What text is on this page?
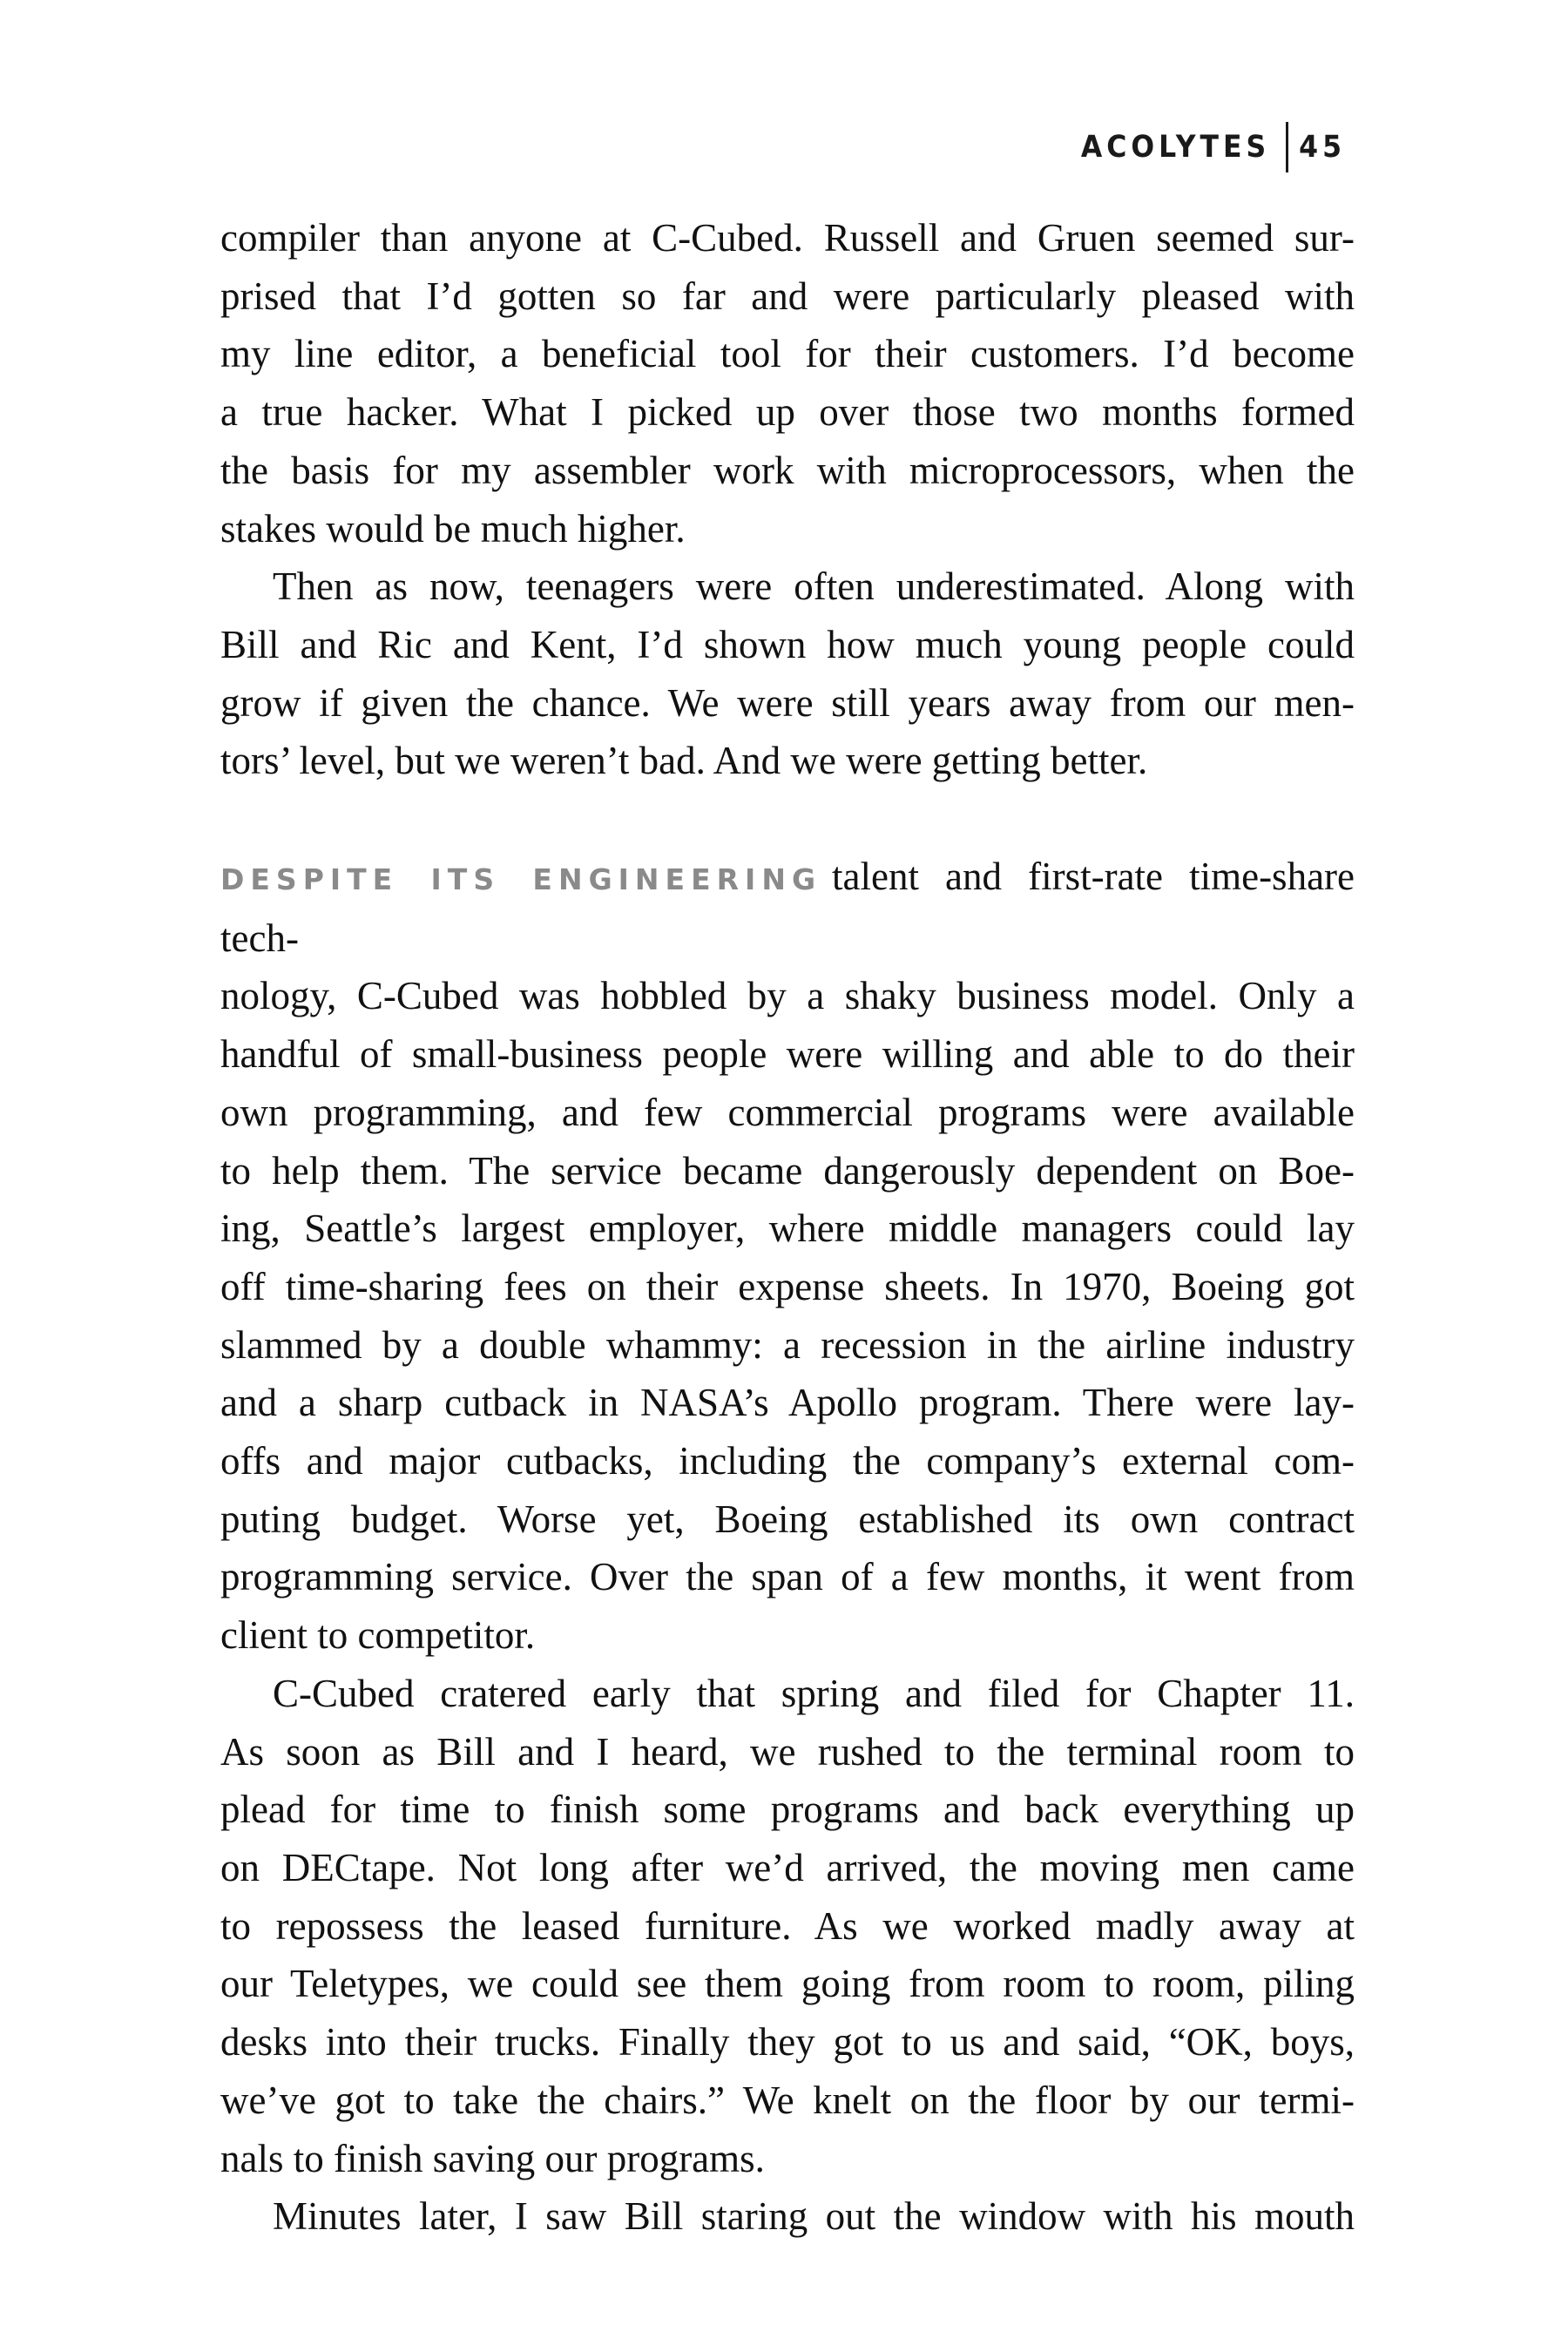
ACOLYTES 45

compiler than anyone at C-Cubed. Russell and Gruen seemed sur-
prised that I’d gotten so far and were particularly pleased with
my line editor, a beneficial tool for their customers. I’d become
a true hacker. What I picked up over those two months formed
the basis for my assembler work with microprocessors, when the
stakes would be much higher.

Then as now, teenagers were often underestimated. Along with
Bill and Ric and Kent, I’d shown how much young people could
grow if given the chance. We were still years away from our men-
tors’ level, but we weren’t bad. And we were getting better.

DESPITE ITS ENGINEERING talent and first-rate time-share tech-
nology, C-Cubed was hobbled by a shaky business model. Only a
handful of small-business people were willing and able to do their
own programming, and few commercial programs were available
to help them. The service became dangerously dependent on Boe-
ing, Seattle’s largest employer, where middle managers could lay
off time-sharing fees on their expense sheets. In 1970, Boeing got
slammed by a double whammy: a recession in the airline industry
and a sharp cutback in NASA’s Apollo program. There were lay-
offs and major cutbacks, including the company’s external com-
puting budget. Worse yet, Boeing established its own contract
programming service. Over the span of a few months, it went from
client to competitor.

C-Cubed cratered early that spring and filed for Chapter 11.
As soon as Bill and I heard, we rushed to the terminal room to
plead for time to finish some programs and back everything up
on DECtape. Not long after we’d arrived, the moving men came
to repossess the leased furniture. As we worked madly away at
our Teletypes, we could see them going from room to room, piling
desks into their trucks. Finally they got to us and said, “OK, boys,
we’ve got to take the chairs.” We knelt on the floor by our termi-
nals to finish saving our programs.

Minutes later, I saw Bill staring out the window with his mouth
